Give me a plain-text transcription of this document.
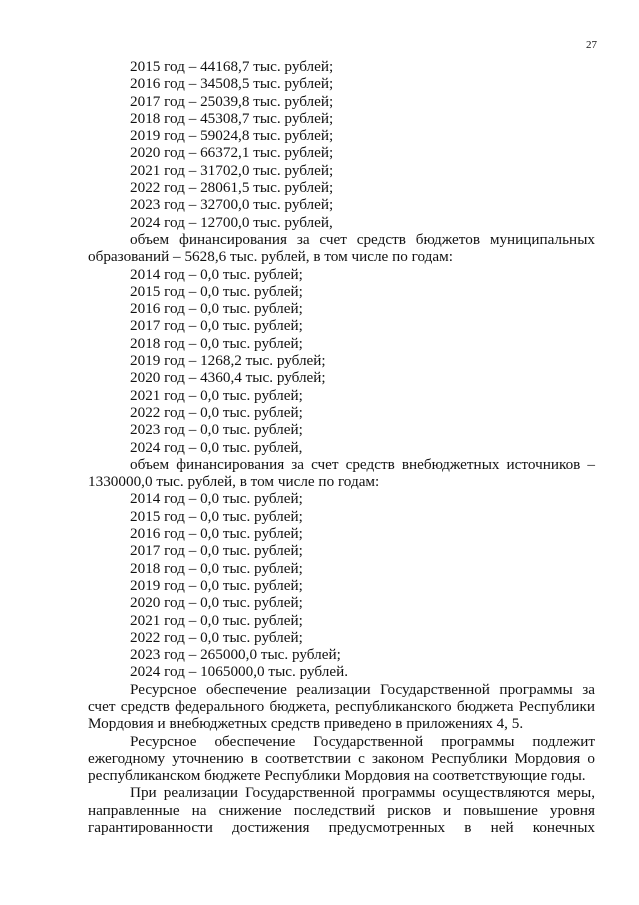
27
2015 год – 44168,7 тыс. рублей;
2016 год – 34508,5 тыс. рублей;
2017 год – 25039,8 тыс. рублей;
2018 год – 45308,7 тыс. рублей;
2019 год – 59024,8 тыс. рублей;
2020 год – 66372,1 тыс. рублей;
2021 год – 31702,0 тыс. рублей;
2022 год – 28061,5 тыс. рублей;
2023 год – 32700,0 тыс. рублей;
2024 год – 12700,0 тыс. рублей,
объем финансирования за счет средств бюджетов муниципальных образований – 5628,6 тыс. рублей, в том числе по годам:
2014 год – 0,0 тыс. рублей;
2015 год – 0,0 тыс. рублей;
2016 год – 0,0 тыс. рублей;
2017 год – 0,0 тыс. рублей;
2018 год – 0,0 тыс. рублей;
2019 год – 1268,2 тыс. рублей;
2020 год – 4360,4 тыс. рублей;
2021 год – 0,0 тыс. рублей;
2022 год – 0,0 тыс. рублей;
2023 год – 0,0 тыс. рублей;
2024 год – 0,0 тыс. рублей,
объем финансирования за счет средств внебюджетных источников – 1330000,0 тыс. рублей, в том числе по годам:
2014 год – 0,0 тыс. рублей;
2015 год – 0,0 тыс. рублей;
2016 год – 0,0 тыс. рублей;
2017 год – 0,0 тыс. рублей;
2018 год – 0,0 тыс. рублей;
2019 год – 0,0 тыс. рублей;
2020 год – 0,0 тыс. рублей;
2021 год – 0,0 тыс. рублей;
2022 год – 0,0 тыс. рублей;
2023 год – 265000,0 тыс. рублей;
2024 год – 1065000,0 тыс. рублей.
Ресурсное обеспечение реализации Государственной программы за счет средств федерального бюджета, республиканского бюджета Республики Мордовия и внебюджетных средств приведено в приложениях 4, 5.
Ресурсное обеспечение Государственной программы подлежит ежегодному уточнению в соответствии с законом Республики Мордовия о республиканском бюджете Республики Мордовия на соответствующие годы.
При реализации Государственной программы осуществляются меры, направленные на снижение последствий рисков и повышение уровня гарантированности достижения предусмотренных в ней конечных
